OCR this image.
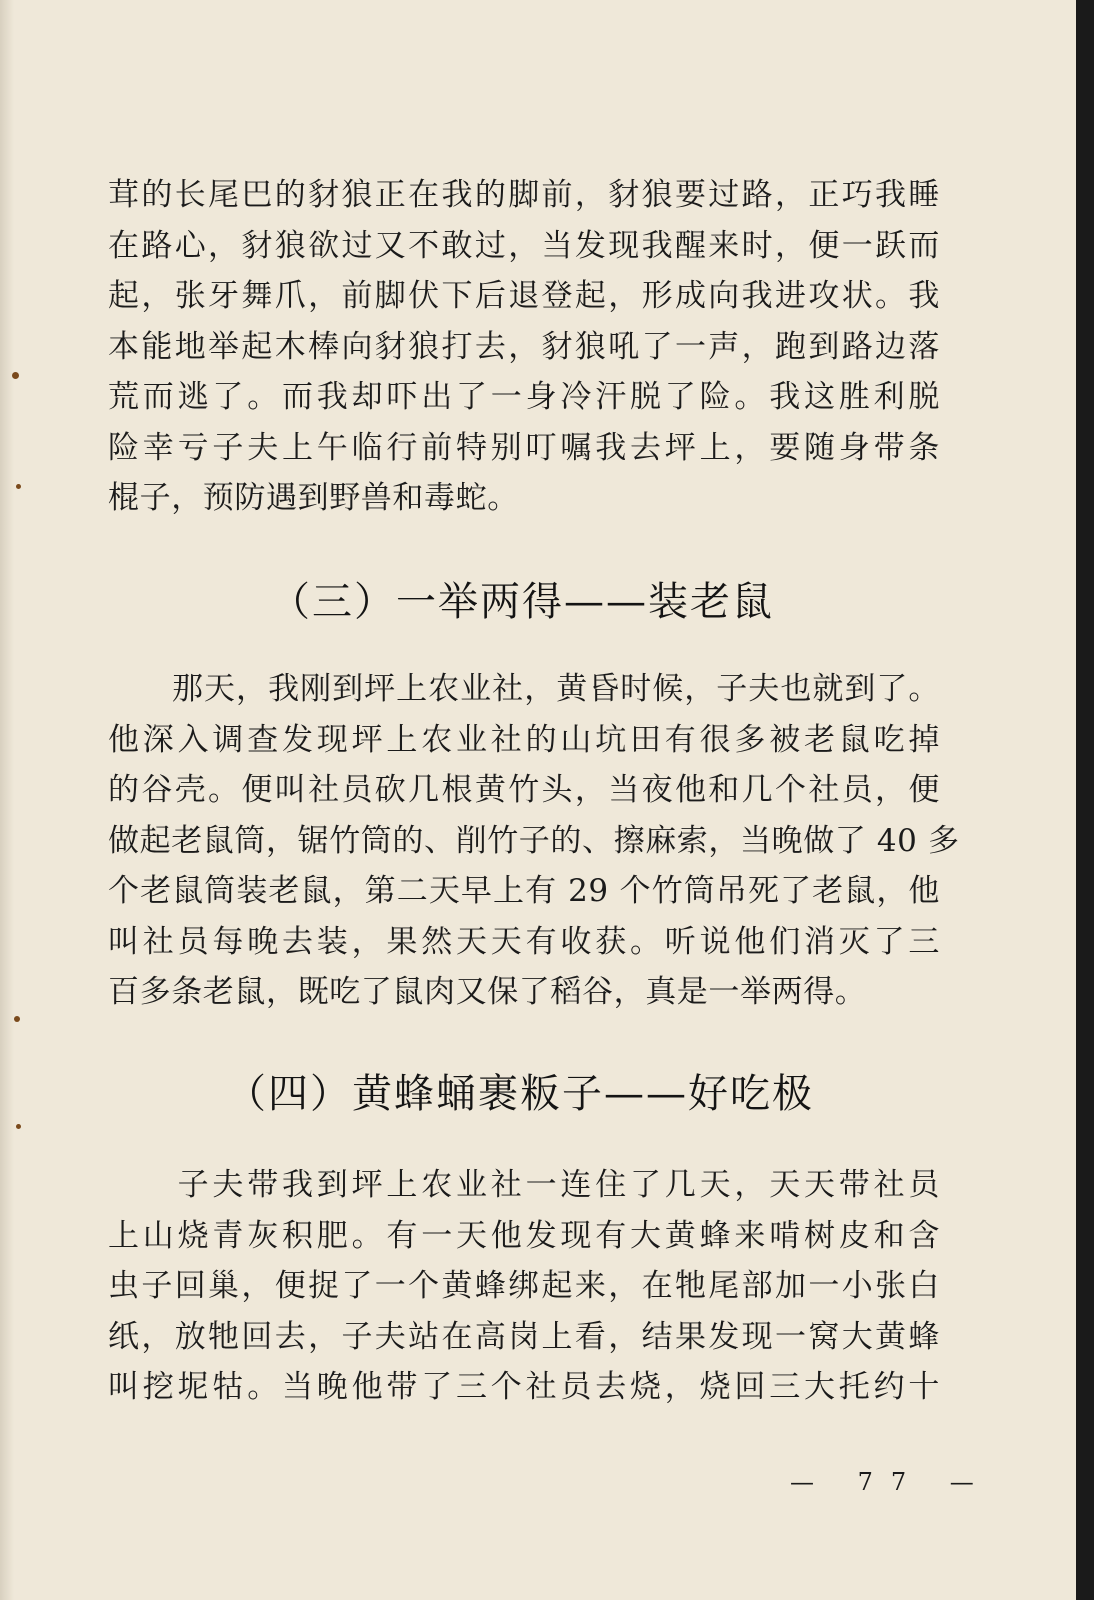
茸的长尾巴的豺狼正在我的脚前，豺狼要过路，正巧我睡
在路心，豺狼欲过又不敢过，当发现我醒来时，便一跃而
起，张牙舞爪，前脚伏下后退登起，形成向我进攻状。我
本能地举起木棒向豺狼打去，豺狼吼了一声，跑到路边落
荒而逃了。而我却吓出了一身冷汗脱了险。我这胜利脱
险幸亏子夫上午临行前特别叮嘱我去坪上，要随身带条
棍子，预防遇到野兽和毒蛇。
（三）一举两得——装老鼠
　　那天，我刚到坪上农业社，黄昏时候，子夫也就到了。
他深入调查发现坪上农业社的山坑田有很多被老鼠吃掉
的谷壳。便叫社员砍几根黄竹头，当夜他和几个社员，便
做起老鼠筒，锯竹筒的、削竹子的、擦麻索，当晚做了 40 多
个老鼠筒装老鼠，第二天早上有 29 个竹筒吊死了老鼠，他
叫社员每晚去装，果然天天有收获。听说他们消灭了三
百多条老鼠，既吃了鼠肉又保了稻谷，真是一举两得。
（四）黄蜂蛹裹粄子——好吃极
　　子夫带我到坪上农业社一连住了几天，天天带社员
上山烧青灰积肥。有一天他发现有大黄蜂来啃树皮和含
虫子回巢，便捉了一个黄蜂绑起来，在牠尾部加一小张白
纸，放牠回去，子夫站在高岗上看，结果发现一窝大黄蜂
叫挖坭牯。当晚他带了三个社员去烧，烧回三大托约十
— 77 —
